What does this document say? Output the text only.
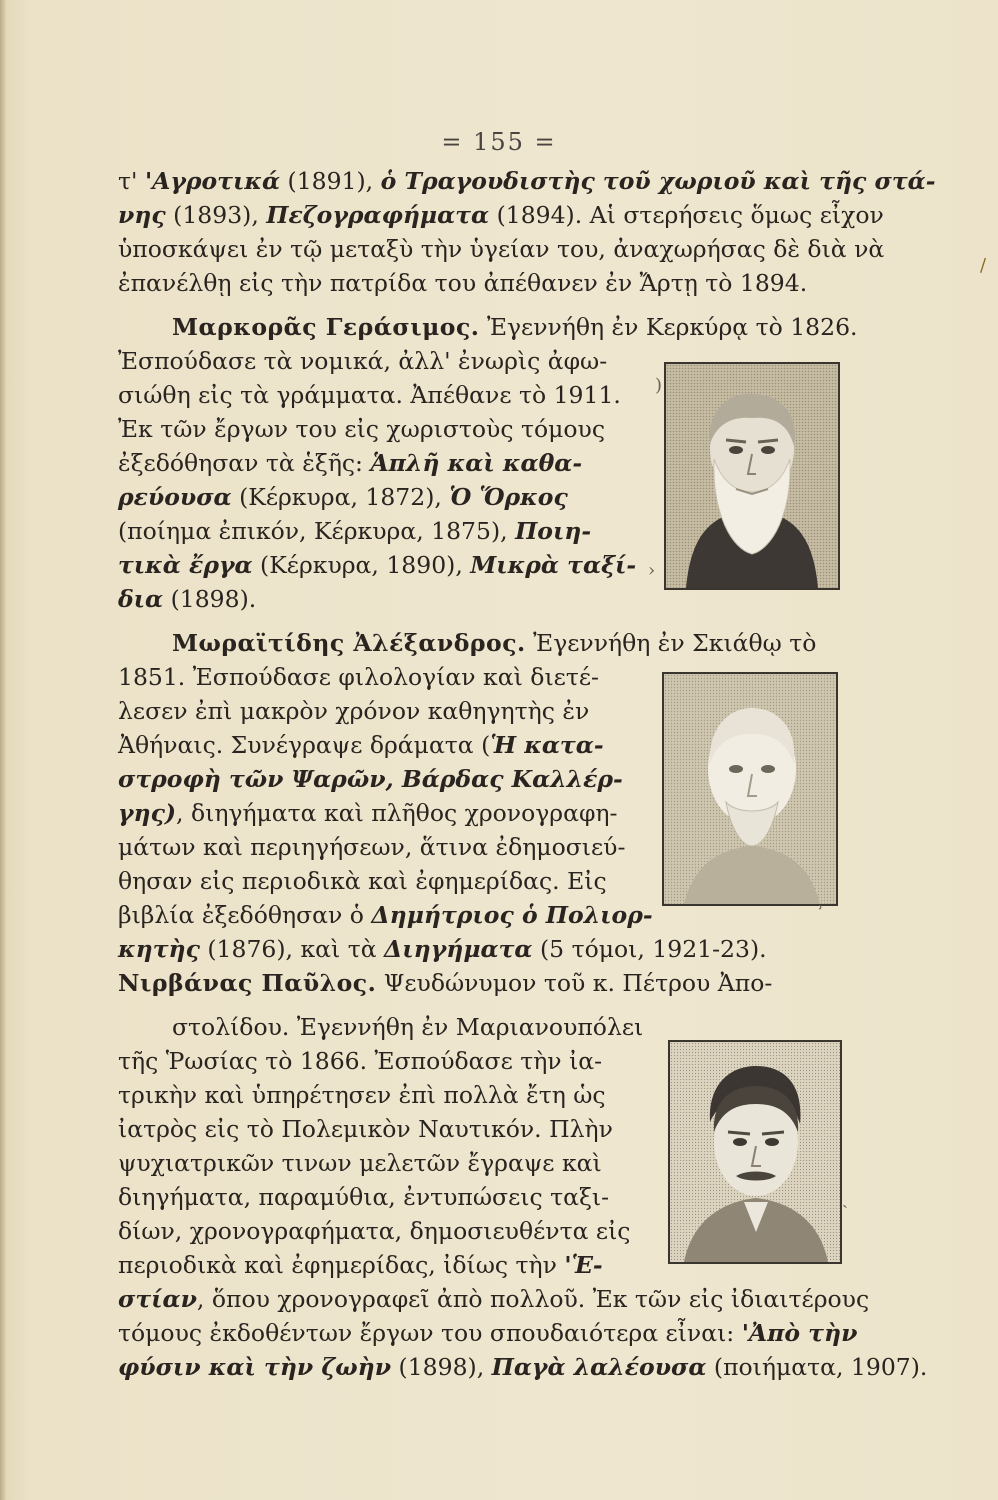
= 155 =
τ' 'Αγροτικά (1891), ὁ Τραγουδιστὴς τοῦ χωριοῦ καὶ τῆς στά-
νης (1893), Πεζογραφήματα (1894). Αἱ στερήσεις ὅμως εἶχον
ὑποσκάψει ἐν τῷ μεταξὺ τὴν ὑγείαν του, ἀναχωρήσας δὲ διὰ νὰ
ἐπανέλθῃ εἰς τὴν πατρίδα του ἀπέθανεν ἐν Ἄρτῃ τὸ 1894.
Μαρκορᾶς Γεράσιμος. Ἐγεννήθη ἐν Κερκύρᾳ τὸ 1826.
Ἐσπούδασε τὰ νομικά, ἀλλ' ἐνωρὶς ἀφω-
σιώθη εἰς τὰ γράμματα. Ἀπέθανε τὸ 1911.
Ἐκ τῶν ἔργων του εἰς χωριστοὺς τόμους
ἐξεδόθησαν τὰ ἑξῆς: Ἁπλῆ καὶ καθα-
ρεύουσα (Κέρκυρα, 1872), Ὁ Ὅρκος
(ποίημα ἐπικόν, Κέρκυρα, 1875), Ποιη-
τικὰ ἔργα (Κέρκυρα, 1890), Μικρὰ ταξί-
δια (1898).
Μωραϊτίδης Ἀλέξανδρος. Ἐγεννήθη ἐν Σκιάθῳ τὸ
1851. Ἐσπούδασε φιλολογίαν καὶ διετέ-
λεσεν ἐπὶ μακρὸν χρόνον καθηγητὴς ἐν
Ἀθήναις. Συνέγραψε δράματα (Ἡ κατα-
στροφὴ τῶν Ψαρῶν, Βάρδας Καλλέρ-
γης), διηγήματα καὶ πλῆθος χρονογραφη-
μάτων καὶ περιηγήσεων, ἅτινα ἐδημοσιεύ-
θησαν εἰς περιοδικὰ καὶ ἐφημερίδας. Εἰς
βιβλία ἐξεδόθησαν ὁ Δημήτριος ὁ Πολιορ-
κητὴς (1876), καὶ τὰ Διηγήματα (5 τόμοι, 1921-23).
Νιρβάνας Παῦλος. Ψευδώνυμον τοῦ κ. Πέτρου Ἀπο-
στολίδου. Ἐγεννήθη ἐν Μαριανουπόλει
τῆς Ῥωσίας τὸ 1866. Ἐσπούδασε τὴν ἰα-
τρικὴν καὶ ὑπηρέτησεν ἐπὶ πολλὰ ἔτη ὡς
ἰατρὸς εἰς τὸ Πολεμικὸν Ναυτικόν. Πλὴν
ψυχιατρικῶν τινων μελετῶν ἔγραψε καὶ
διηγήματα, παραμύθια, ἐντυπώσεις ταξι-
δίων, χρονογραφήματα, δημοσιευθέντα εἰς
περιοδικὰ καὶ ἐφημερίδας, ἰδίως τὴν 'Ἑ-
στίαν, ὅπου χρονογραφεῖ ἀπὸ πολλοῦ. Ἐκ τῶν εἰς ἰδιαιτέρους
τόμους ἐκδοθέντων ἔργων του σπουδαιότερα εἶναι: 'Ἀπὸ τὴν
φύσιν καὶ τὴν ζωὴν (1898), Παγὰ λαλέουσα (ποιήματα, 1907).
/
)
›
˒
ˎ
